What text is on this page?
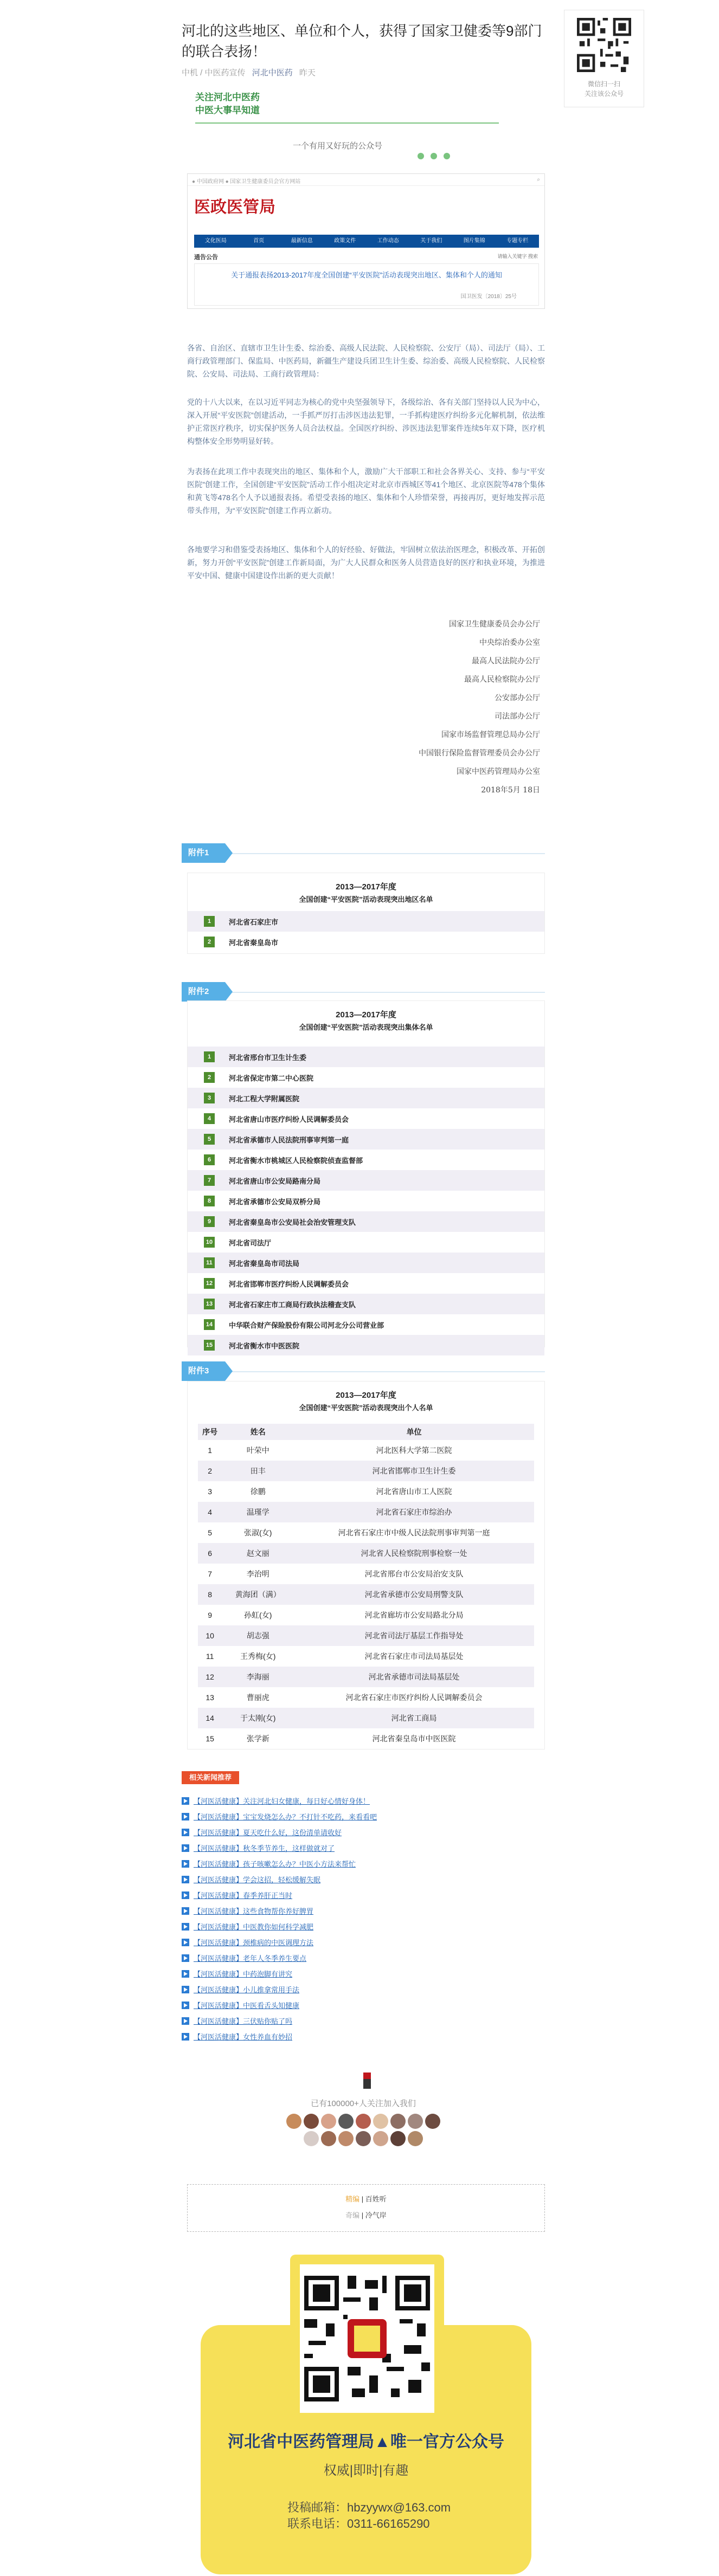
河北的这些地区、单位和个人，获得了国家卫健委等9部门的联合表扬！
中机 / 中医药宣传 河北中医药 昨天
微信扫一扫
关注该公众号
关注河北中医药
中医大事早知道
一个有用又好玩的公众号
● 中国政府网 ● 国家卫生健康委员会官方网站	⌕
医政医管局
文化医局	首页	最新信息	政策文件	工作动态	关于我们	图片集锦	专题专栏
通告公告	请输入关键字 搜索
关于通报表扬2013-2017年度全国创建“平安医院”活动表现突出地区、集体和个人的通知
国卫医发〔2018〕25号
各省、自治区、直辖市卫生计生委、综治委、高级人民法院、人民检察院、公安厅（局）、司法厅（局）、工商行政管理部门、保监局、中医药局，新疆生产建设兵团卫生计生委、综治委、高级人民检察院、人民检察院、公安局、司法局、工商行政管理局：
党的十八大以来，在以习近平同志为核心的党中央坚强领导下，各级综治、各有关部门坚持以人民为中心，深入开展“平安医院”创建活动，一手抓严厉打击涉医违法犯罪，一手抓构建医疗纠纷多元化解机制，依法维护正常医疗秩序，切实保护医务人员合法权益。全国医疗纠纷、涉医违法犯罪案件连续5年双下降，医疗机构整体安全形势明显好转。
为表扬在此项工作中表现突出的地区、集体和个人，激励广大干部职工和社会各界关心、支持、参与“平安医院”创建工作，全国创建“平安医院”活动工作小组决定对北京市西城区等41个地区、北京医院等478个集体和黄飞等478名个人予以通报表扬。希望受表扬的地区、集体和个人珍惜荣誉，再接再厉，更好地发挥示范带头作用，为“平安医院”创建工作再立新功。
各地要学习和借鉴受表扬地区、集体和个人的好经验、好做法，牢固树立依法治医理念，积极改革、开拓创新，努力开创“平安医院”创建工作新局面，为广大人民群众和医务人员营造良好的医疗和执业环境，为推进平安中国、健康中国建设作出新的更大贡献！
国家卫生健康委员会办公厅
中央综治委办公室
最高人民法院办公厅
最高人民检察院办公厅
公安部办公厅
司法部办公厅
国家市场监督管理总局办公厅
中国银行保险监督管理委员会办公厅
国家中医药管理局办公室
2018年5月 18日
附件1
2013—2017年度
全国创建“平安医院”活动表现突出地区名单
1	河北省石家庄市
2	河北省秦皇岛市
附件2
2013—2017年度
全国创建“平安医院”活动表现突出集体名单
1	河北省邢台市卫生计生委
2	河北省保定市第二中心医院
3	河北工程大学附属医院
4	河北省唐山市医疗纠纷人民调解委员会
5	河北省承德市人民法院刑事审判第一庭
6	河北省衡水市桃城区人民检察院侦查监督部
7	河北省唐山市公安局路南分局
8	河北省承德市公安局双桥分局
9	河北省秦皇岛市公安局社会治安管理支队
10 河北省司法厅
11	河北省秦皇岛市司法局
12 河北省邯郸市医疗纠纷人民调解委员会
13 河北省石家庄市工商局行政执法稽查支队
14 中华联合财产保险股份有限公司河北分公司营业部
15 河北省衡水市中医医院
附件3
2013—2017年度
全国创建“平安医院”活动表现突出个人名单
序号	姓名	单位
1	叶荣中	河北医科大学第二医院
2	田丰	河北省邯郸市卫生计生委
3	徐鹏	河北省唐山市工人医院
4	温瑾学	河北省石家庄市综治办
5	张淑(女)	河北省石家庄市中级人民法院刑事审判第一庭
6	赵文丽	河北省人民检察院刑事检察一处
7	李治明	河北省邢台市公安局治安支队
8	黄海团（满）	河北省承德市公安局刑警支队
9	孙虹(女)	河北省廊坊市公安局路北分局
10	胡志强	河北省司法厅基层工作指导处
11	王秀梅(女)	河北省石家庄市司法局基层处
12	李海丽	河北省承德市司法局基层处
13	曹丽虎	河北省石家庄市医疗纠纷人民调解委员会
14	于太刚(女)	河北省工商局
15	张学新	河北省秦皇岛市中医医院
相关新闻推荐
【河医活健康】关注河北妇女健康，每日好心情好身体！
【河医活健康】宝宝发烧怎么办？不打针不吃药，来看看吧
【河医活健康】夏天吃什么好，这份清单请收好
【河医活健康】秋冬季节养生，这样做就对了
【河医活健康】孩子咳嗽怎么办？中医小方法来帮忙
【河医活健康】学会这招，轻松缓解失眠
【河医活健康】春季养肝正当时
【河医活健康】这些食物帮你养好脾胃
【河医活健康】中医教你如何科学减肥
【河医活健康】颈椎病的中医调理方法
【河医活健康】老年人冬季养生要点
【河医活健康】中药泡脚有讲究
【河医活健康】小儿推拿常用手法
【河医活健康】中医看舌头知健康
【河医活健康】三伏贴你贴了吗
【河医活健康】女性养血有妙招
已有100000+人关注加入我们
精编 | 百姓听
奇编 | 冷气岸
河北省中医药管理局▲唯一官方公众号
权威|即时|有趣
投稿邮箱：hbzyywx@163.com
联系电话：0311-66165290
